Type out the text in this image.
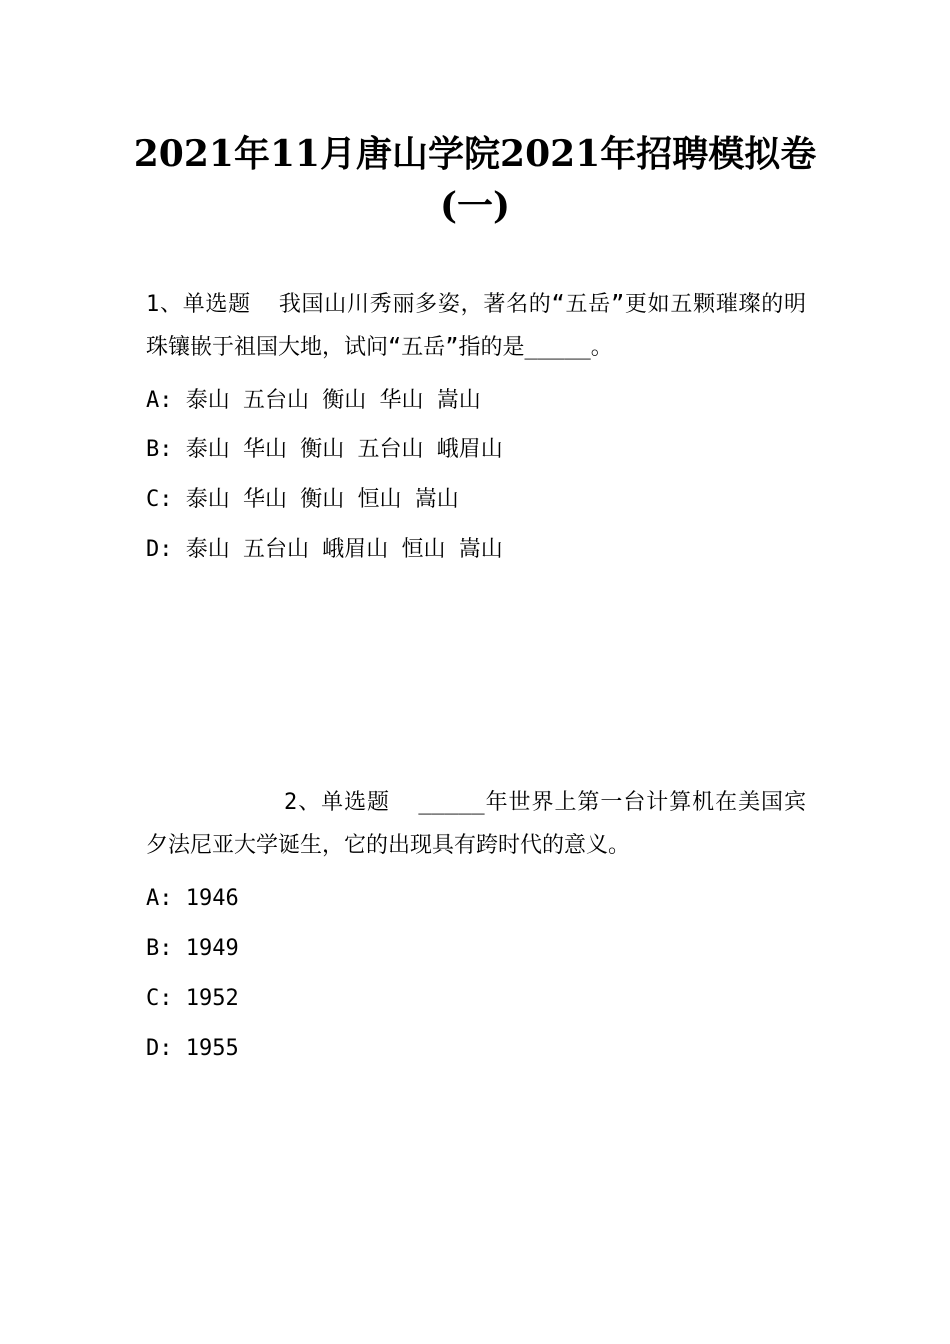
2021年11月唐山学院2021年招聘模拟卷
(一)

1、单选题  我国山川秀丽多姿，著名的“五岳”更如五颗璀璨的明珠镶嵌于祖国大地，试问“五岳”指的是_____。

A: 泰山 五台山 衡山 华山 嵩山
B: 泰山 华山 衡山 五台山 峨眉山
C: 泰山 华山 衡山 恒山 嵩山
D: 泰山 五台山 峨眉山 恒山 嵩山

2、单选题  _____年世界上第一台计算机在美国宾夕法尼亚大学诞生，它的出现具有跨时代的意义。

A: 1946
B: 1949
C: 1952
D: 1955
